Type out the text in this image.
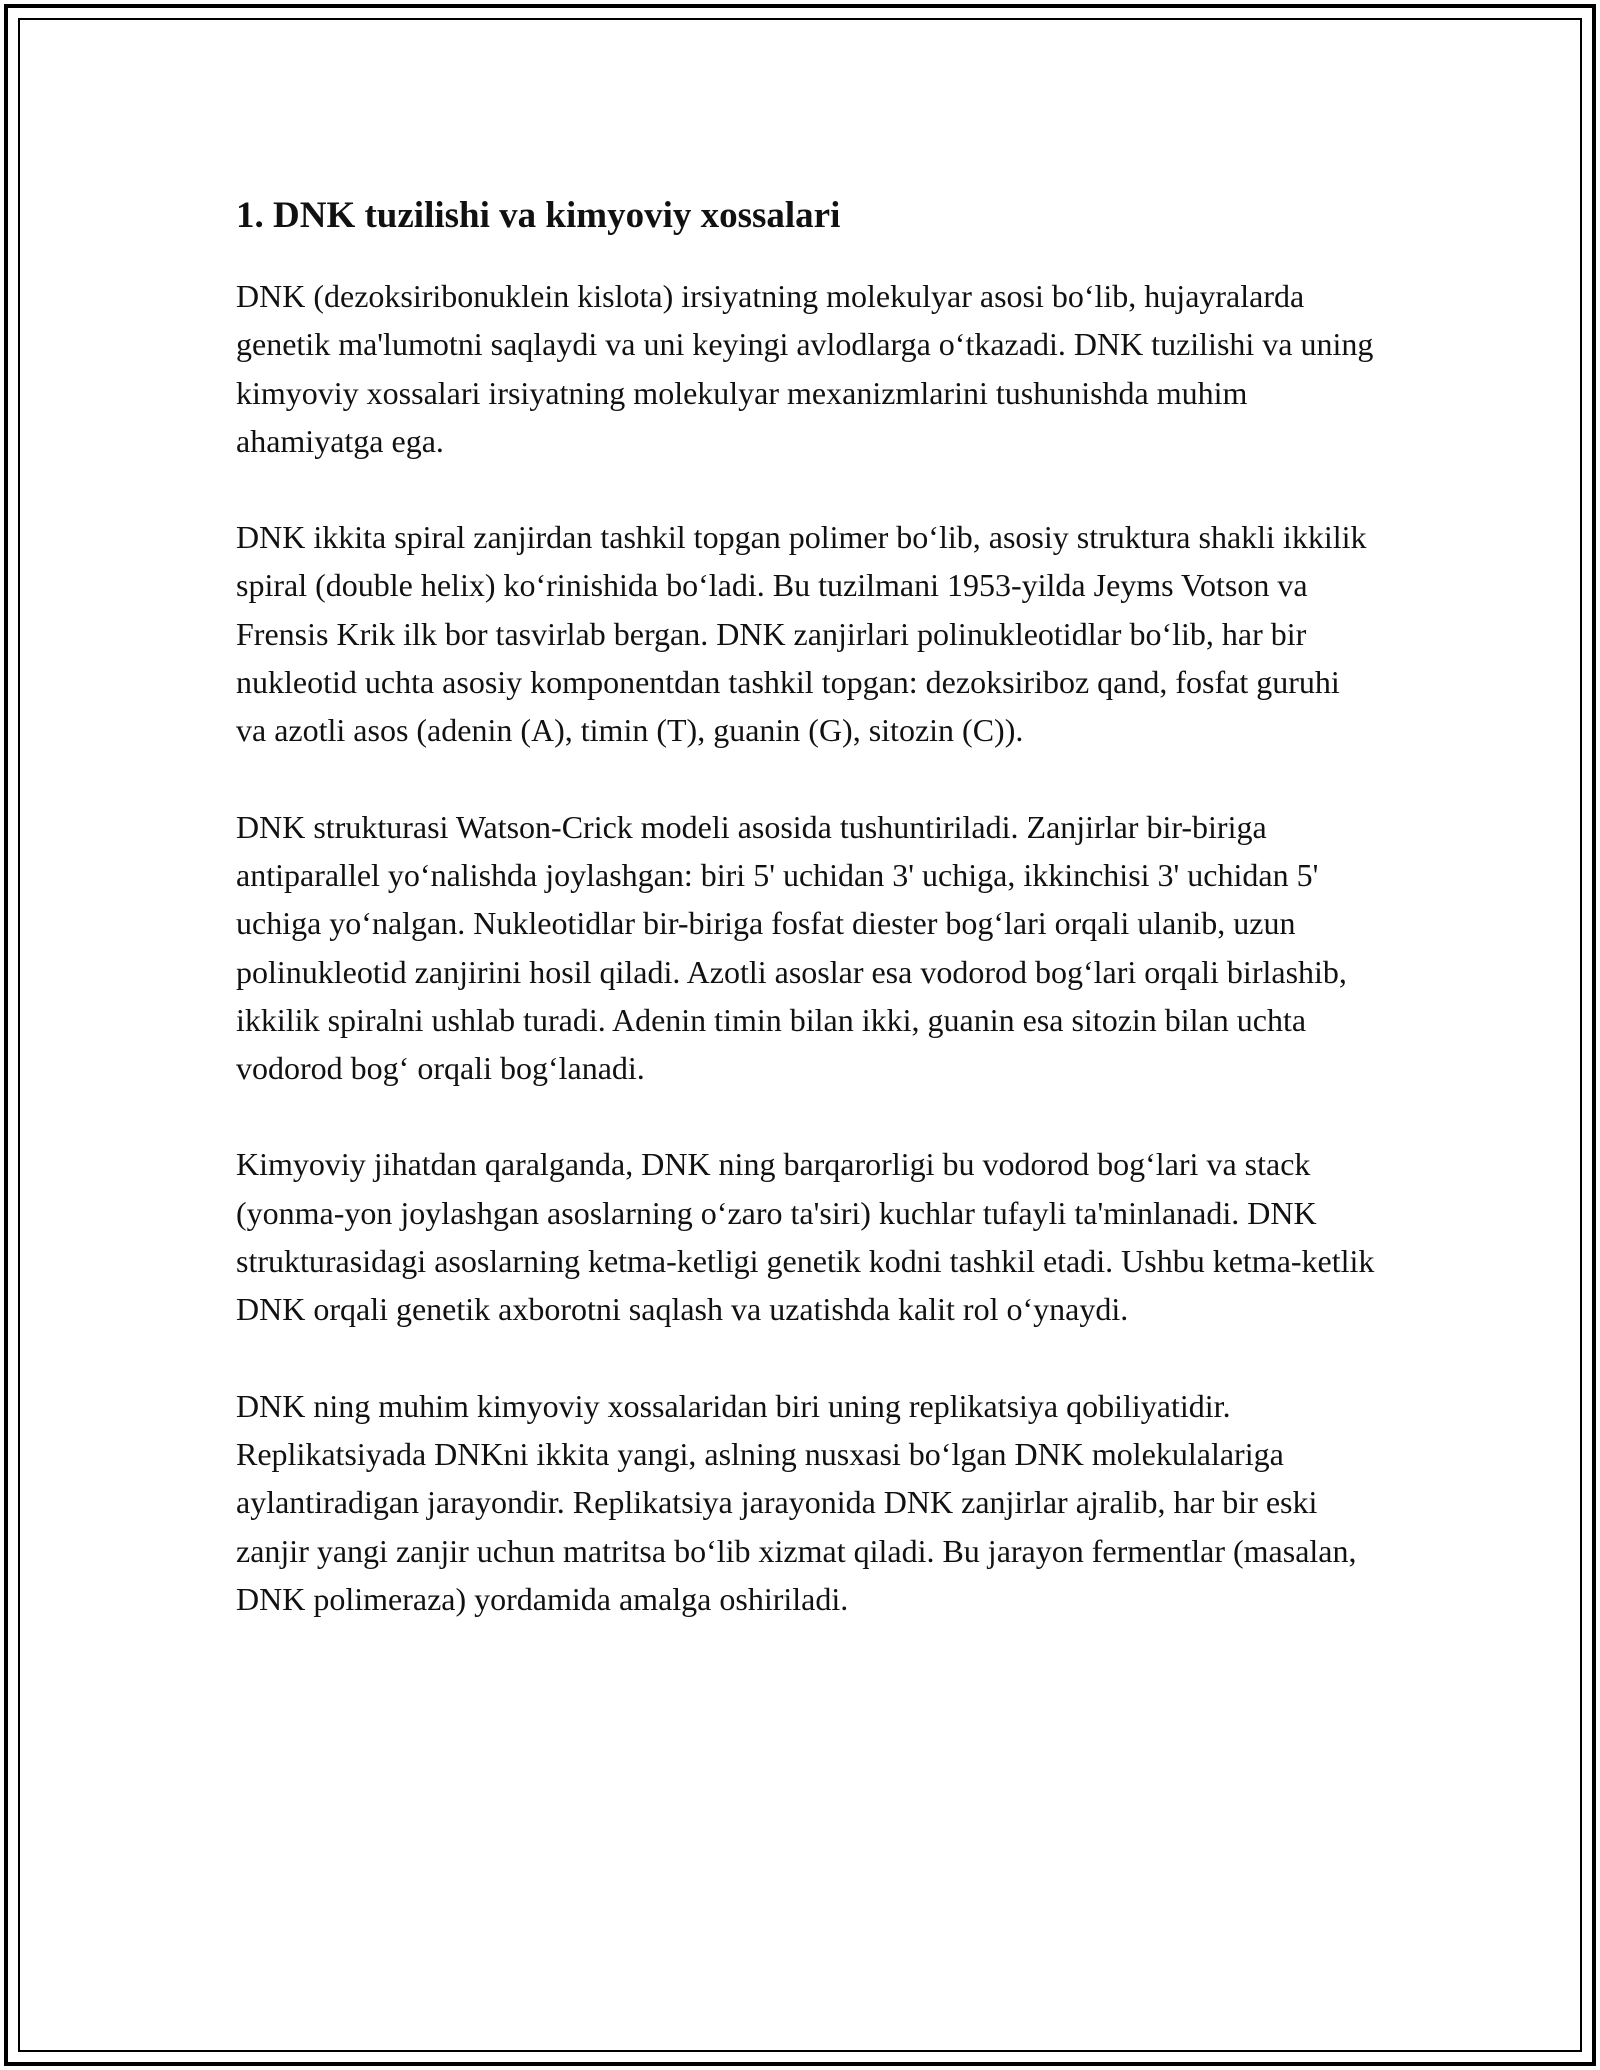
1. DNK tuzilishi va kimyoviy xossalari

DNK (dezoksiribonuklein kislota) irsiyatning molekulyar asosi bo‘lib, hujayralarda genetik ma'lumotni saqlaydi va uni keyingi avlodlarga o‘tkazadi. DNK tuzilishi va uning kimyoviy xossalari irsiyatning molekulyar mexanizmlarini tushunishda muhim ahamiyatga ega.

DNK ikkita spiral zanjirdan tashkil topgan polimer bo‘lib, asosiy struktura shakli ikkilik spiral (double helix) ko‘rinishida bo‘ladi. Bu tuzilmani 1953-yilda Jeyms Votson va Frensis Krik ilk bor tasvirlab bergan. DNK zanjirlari polinukleotidlar bo‘lib, har bir nukleotid uchta asosiy komponentdan tashkil topgan: dezoksiriboz qand, fosfat guruhi va azotli asos (adenin (A), timin (T), guanin (G), sitozin (C)).

DNK strukturasi Watson-Crick modeli asosida tushuntiriladi. Zanjirlar bir-biriga antiparallel yo‘nalishda joylashgan: biri 5' uchidan 3' uchiga, ikkinchisi 3' uchidan 5' uchiga yo‘nalgan. Nukleotidlar bir-biriga fosfat diester bog‘lari orqali ulanib, uzun polinukleotid zanjirini hosil qiladi. Azotli asoslar esa vodorod bog‘lari orqali birlashib, ikkilik spiralni ushlab turadi. Adenin timin bilan ikki, guanin esa sitozin bilan uchta vodorod bog‘ orqali bog‘lanadi.

Kimyoviy jihatdan qaralganda, DNK ning barqarorligi bu vodorod bog‘lari va stack (yonma-yon joylashgan asoslarning o‘zaro ta'siri) kuchlar tufayli ta'minlanadi. DNK strukturasidagi asoslarning ketma-ketligi genetik kodni tashkil etadi. Ushbu ketma-ketlik DNK orqali genetik axborotni saqlash va uzatishda kalit rol o‘ynaydi.

DNK ning muhim kimyoviy xossalaridan biri uning replikatsiya qobiliyatidir. Replikatsiyada DNKni ikkita yangi, aslning nusxasi bo‘lgan DNK molekulalariga aylantiradigan jarayondir. Replikatsiya jarayonida DNK zanjirlar ajralib, har bir eski zanjir yangi zanjir uchun matritsa bo‘lib xizmat qiladi. Bu jarayon fermentlar (masalan, DNK polimeraza) yordamida amalga oshiriladi.
